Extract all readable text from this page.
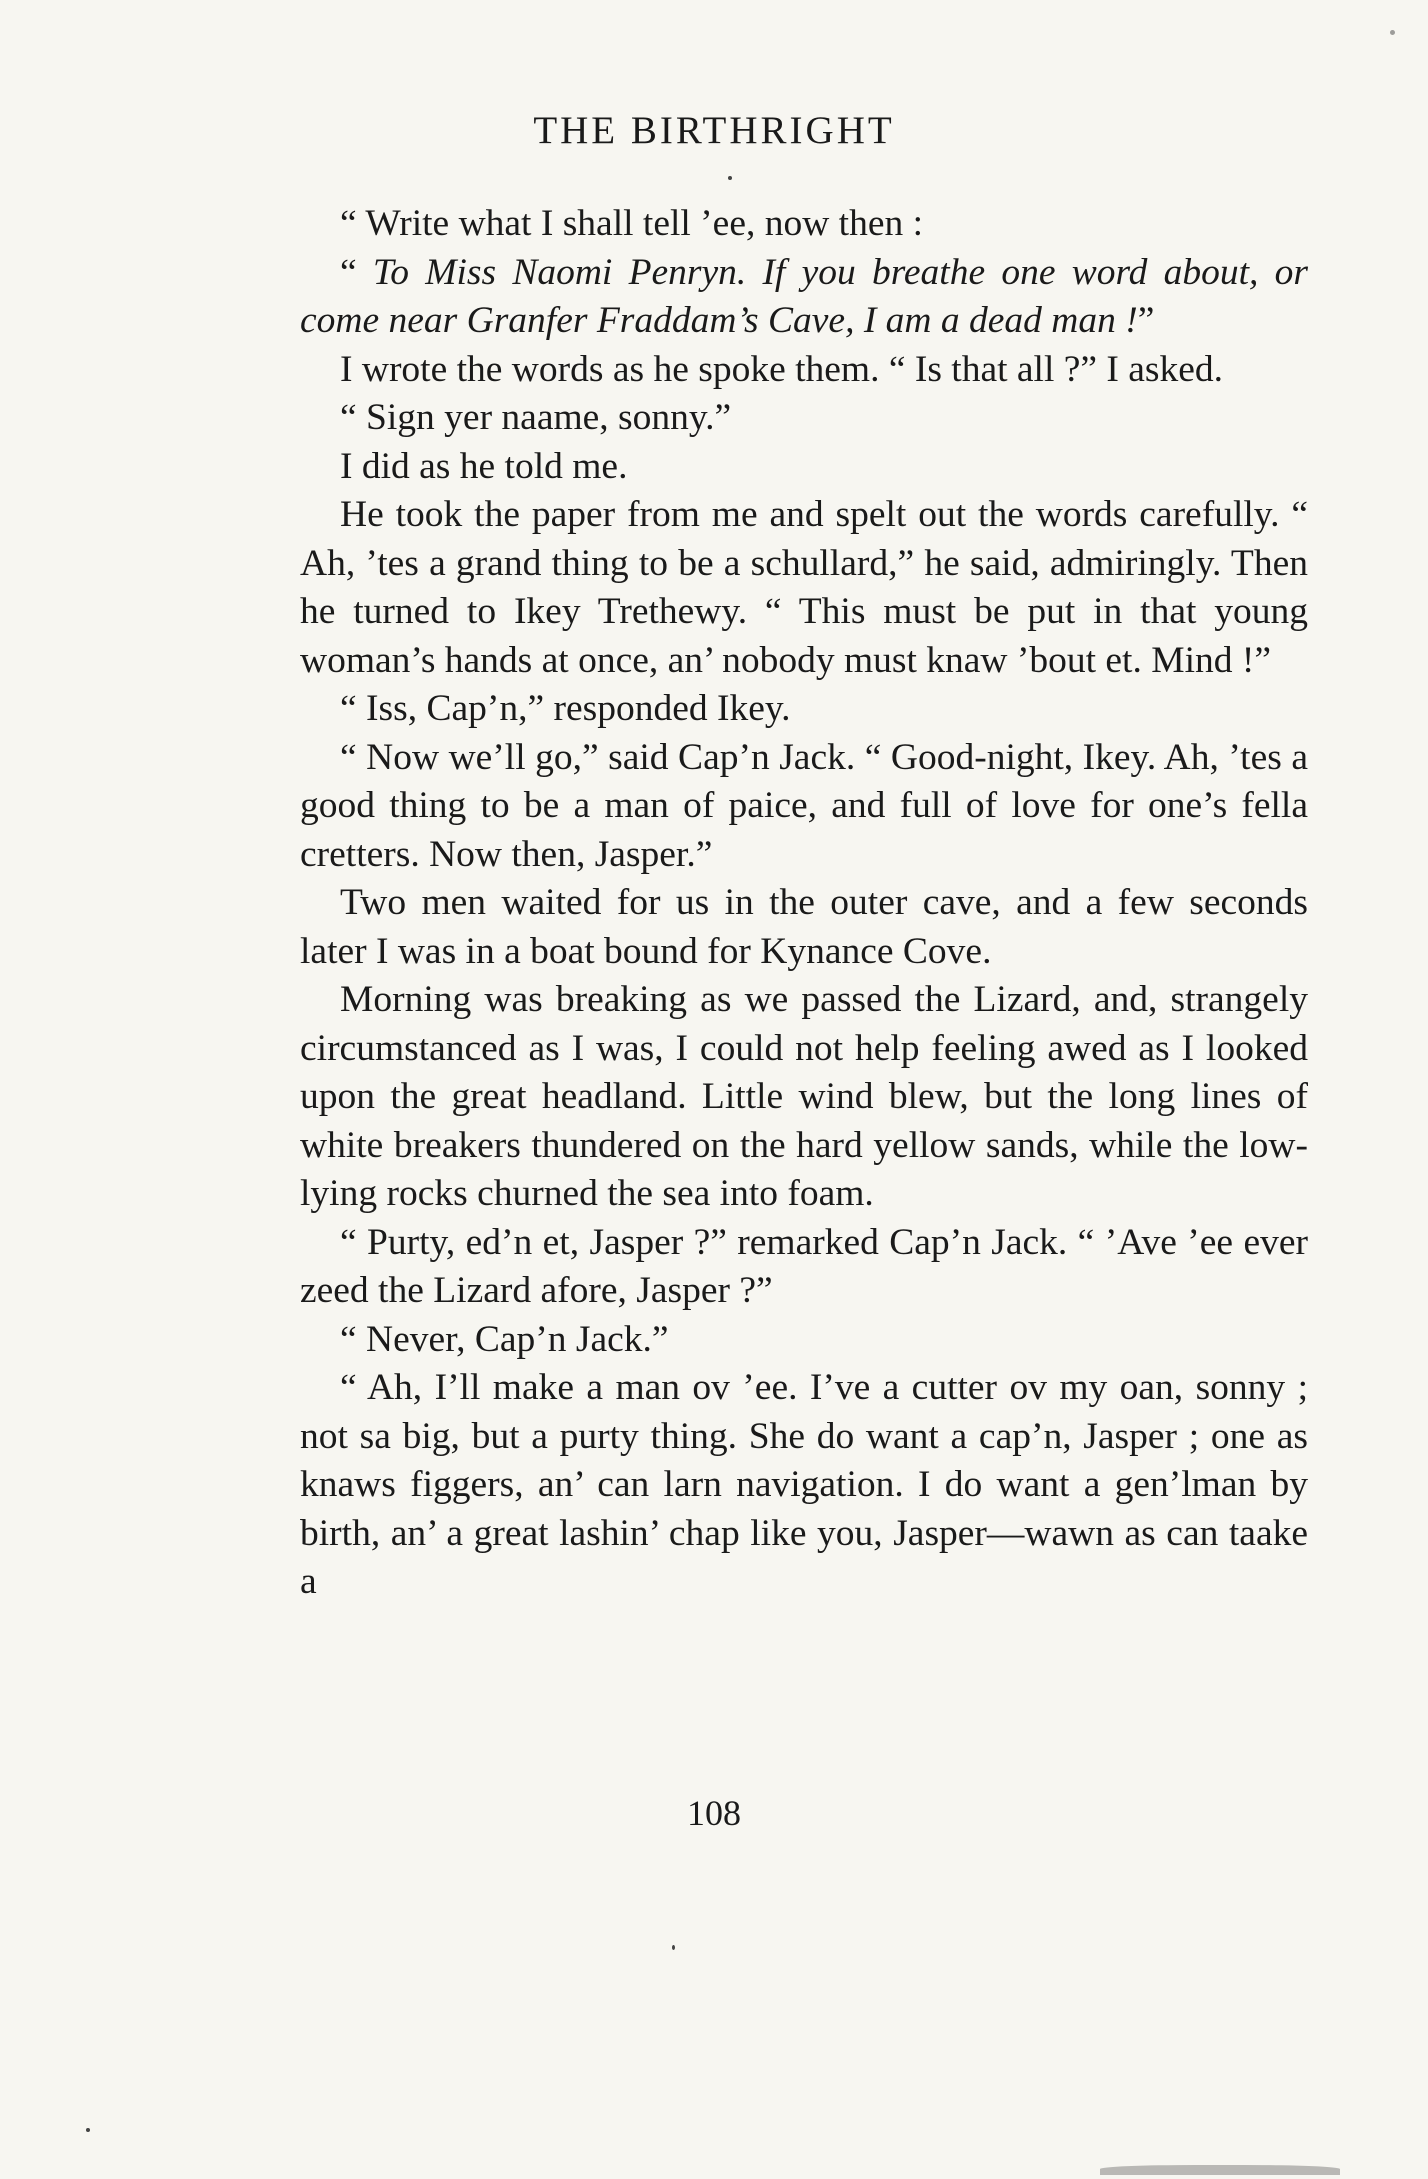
THE BIRTHRIGHT

“ Write what I shall tell ’ee, now then :

“ To Miss Naomi Penryn. If you breathe one word about, or come near Granfer Fraddam’s Cave, I am a dead man !”

I wrote the words as he spoke them. “ Is that all ?” I asked.

“ Sign yer naame, sonny.”

I did as he told me.

He took the paper from me and spelt out the words carefully. “ Ah, ’tes a grand thing to be a schullard,” he said, admiringly. Then he turned to Ikey Trethewy. “ This must be put in that young woman’s hands at once, an’ nobody must knaw ’bout et. Mind !”

“ Iss, Cap’n,” responded Ikey.

“ Now we’ll go,” said Cap’n Jack. “ Good-night, Ikey. Ah, ’tes a good thing to be a man of paice, and full of love for one’s fella cretters. Now then, Jasper.”

Two men waited for us in the outer cave, and a few seconds later I was in a boat bound for Kynance Cove.

Morning was breaking as we passed the Lizard, and, strangely circumstanced as I was, I could not help feeling awed as I looked upon the great headland. Little wind blew, but the long lines of white breakers thundered on the hard yellow sands, while the low-lying rocks churned the sea into foam.

“ Purty, ed’n et, Jasper ?” remarked Cap’n Jack. “ ’Ave ’ee ever zeed the Lizard afore, Jasper ?”

“ Never, Cap’n Jack.”

“ Ah, I’ll make a man ov ’ee. I’ve a cutter ov my oan, sonny ; not sa big, but a purty thing. She do want a cap’n, Jasper ; one as knaws figgers, an’ can larn navigation. I do want a gen’lman by birth, an’ a great lashin’ chap like you, Jasper—wawn as can taake a

108
